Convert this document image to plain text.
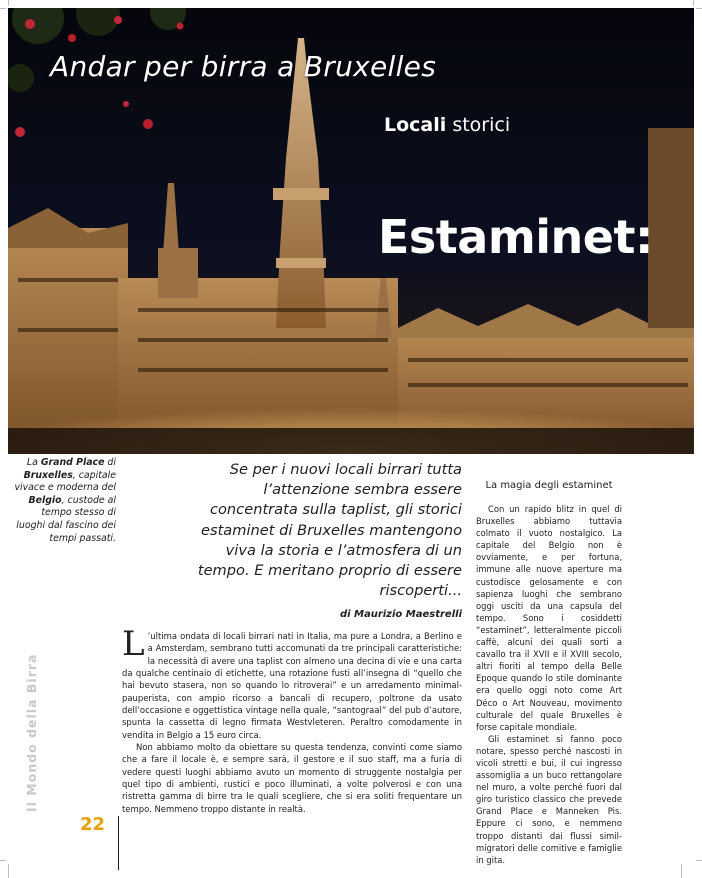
Andar per birra a Bruxelles
Locali storici
Estaminet:
La Grand Place di Bruxelles, capitale vivace e moderna del Belgio, custode al tempo stesso di luoghi dal fascino dei tempi passati.
Se per i nuovi locali birrari tutta l’attenzione sembra essere concentrata sulla taplist, gli storici estaminet di Bruxelles mantengono viva la storia e l’atmosfera di un tempo. E meritano proprio di essere riscoperti...
di Maurizio Maestrelli

L ’ultima ondata di locali birrari nati in Italia, ma pure a Londra, a Berlino e a Amsterdam, sembrano tutti accomunati da tre principali caratteristiche: la necessità di avere una taplist con almeno una decina di vie e una carta da qualche centinaio di etichette, una rotazione fusti all’insegna di “quello che hai bevuto stasera, non so quando lo ritroverai” e un arredamento minimal-pauperista, con ampio ricorso a bancali di recupero, poltrone da usato dell’occasione e oggettistica vintage nella quale, “santograal” del pub d’autore, spunta la cassetta di legno firmata Westvleteren. Peraltro comodamente in vendita in Belgio a 15 euro circa.

Non abbiamo molto da obiettare su questa tendenza, convinti come siamo che a fare il locale è, e sempre sarà, il gestore e il suo staff, ma a furia di vedere questi luoghi abbiamo avuto un momento di struggente nostalgia per quel tipo di ambienti, rustici e poco illuminati, a volte polverosi e con una ristretta gamma di birre tra le quali scegliere, che si era soliti frequentare un tempo. Nemmeno troppo distante in realtà.

La magia degli estaminet

Con un rapido blitz in quel di Bruxelles abbiamo tuttavia colmato il vuoto nostalgico. La capitale del Belgio non è ovviamente, e per fortuna, immune alle nuove aperture ma custodisce gelosamente e con sapienza luoghi che sembrano oggi usciti da una capsula del tempo. Sono i cosiddetti “estaminet”, letteralmente piccoli caffè, alcuni dei quali sorti a cavallo tra il XVII e il XVIII secolo, altri fioriti al tempo della Belle Epoque quando lo stile dominante era quello oggi noto come Art Déco o Art Nouveau, movimento culturale del quale Bruxelles è forse capitale mondiale.

Gli estaminet si fanno poco notare, spesso perché nascosti in vicoli stretti e bui, il cui ingresso assomiglia a un buco rettangolare nel muro, a volte perché fuori dal giro turistico classico che prevede Grand Place e Manneken Pis. Eppure ci sono, e nemmeno troppo distanti dai flussi simil-migratori delle comitive e famiglie in gita.

Il Mondo della Birra
22
